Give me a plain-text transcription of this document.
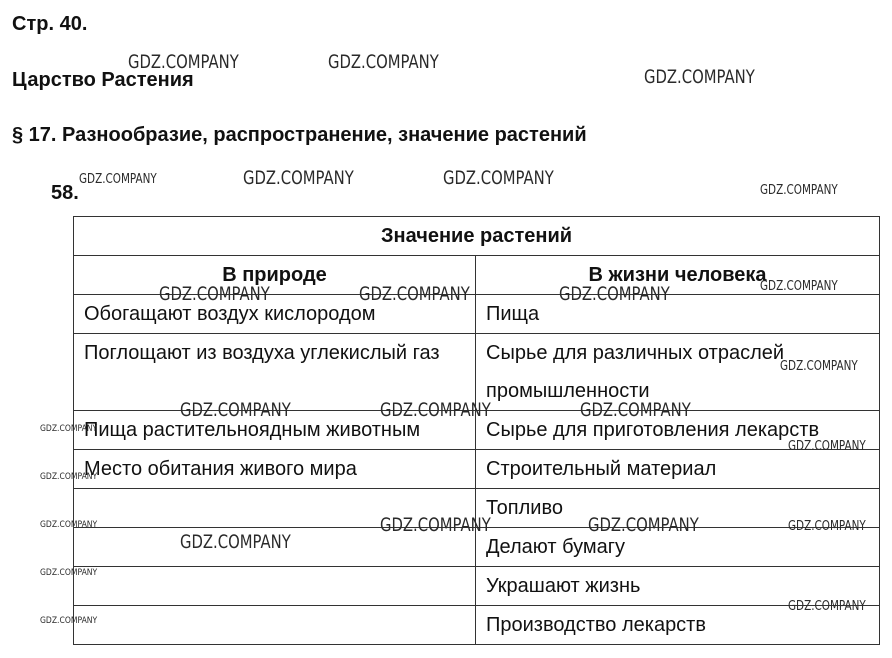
Стр. 40.
Царство Растения
§ 17. Разнообразие, распространение, значение растений
58.
Значение растений	
В природе	В жизни человека
Обогащают воздух кислородом	Пища
Поглощают из воздуха углекислый газ	Сырье для различных отраслей промышленности
Пища растительноядным животным	Сырье для приготовления лекарств
Место обитания живого мира	Строительный материал
	Топливо
	Делают бумагу
	Украшают жизнь
	Производство лекарств
GDZ.COMPANY	GDZ.COMPANY
GDZ.COMPANY
GDZ.COMPANY	GDZ.COMPANY	GDZ.COMPANY
GDZ.COMPANY
GDZ.COMPANY	GDZ.COMPANY	GDZ.COMPANY	GDZ.COMPANY
GDZ.COMPANY
GDZ.COMPANY
GDZ.COMPANY	GDZ.COMPANY	GDZ.COMPANY
GDZ.COMPANY
GDZ.COMPANY
GDZ.COMPANY	GDZ.COMPANY	GDZ.COMPANY	GDZ.COMPANY
GDZ.COMPANY
GDZ.COMPANY
GDZ.COMPANY
GDZ.COMPANY
